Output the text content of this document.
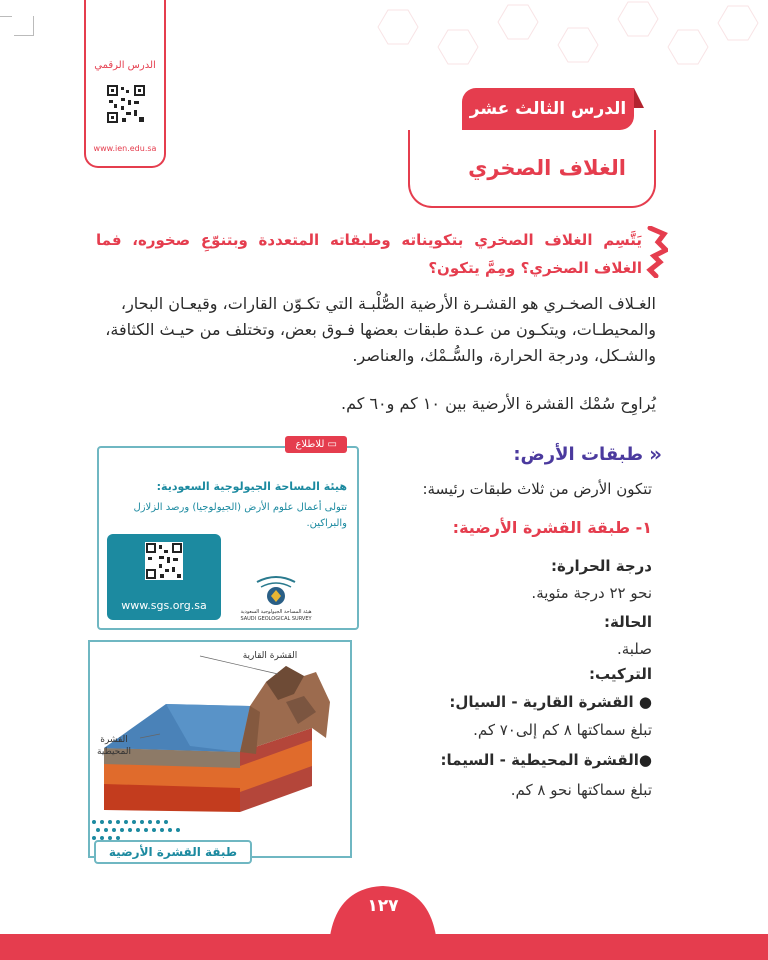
الدرس الرقمي
www.ien.edu.sa
الدرس الثالث عشر
الغلاف الصخري
يَتَّسِم الغلاف الصخري بتكويناته وطبقاته المتعددة وبتنوّعِ صخوره، فما الغلاف الصخري؟ ومِمَّ يتكون؟
الغـلاف الصخـري هو القشـرة الأرضية الصُّلْبـة التي تكـوّن القارات، وقيعـان البحار، والمحيطـات، ويتكـون من عـدة طبقات بعضها فـوق بعض، وتختلف من حيـث الكثافة، والشـكل، ودرجة الحرارة، والسُّـمْك، والعناصر.
يُراوِح سُمْك القشرة الأرضية بين ١٠ كم و٦٠ كم.
«
طبقات الأرض:
تتكون الأرض من ثلاث طبقات رئيسة:
١- طبقة القشرة الأرضية:
درجة الحرارة:
نحو ٢٢ درجة مئوية.
الحالة:
صلبة.
التركيب:
● القشرة القارية - السيال:
تبلغ سماكتها ٨ كم إلى٧٠ كم.
●القشرة المحيطية - السيما:
تبلغ سماكتها نحو ٨ كم.
▭ للاطلاع
هيئة المساحة الجيولوجية السعودية:
تتولى أعمال علوم الأرض (الجيولوجيا) ورصد الزلازل والبراكين.
www.sgs.org.sa	هيئة المساحة الجيولوجية السعودية
SAUDI GEOLOGICAL SURVEY
القشرة القارية
القشرة المحيطية
طبقة القشرة الأرضية
١٢٧
